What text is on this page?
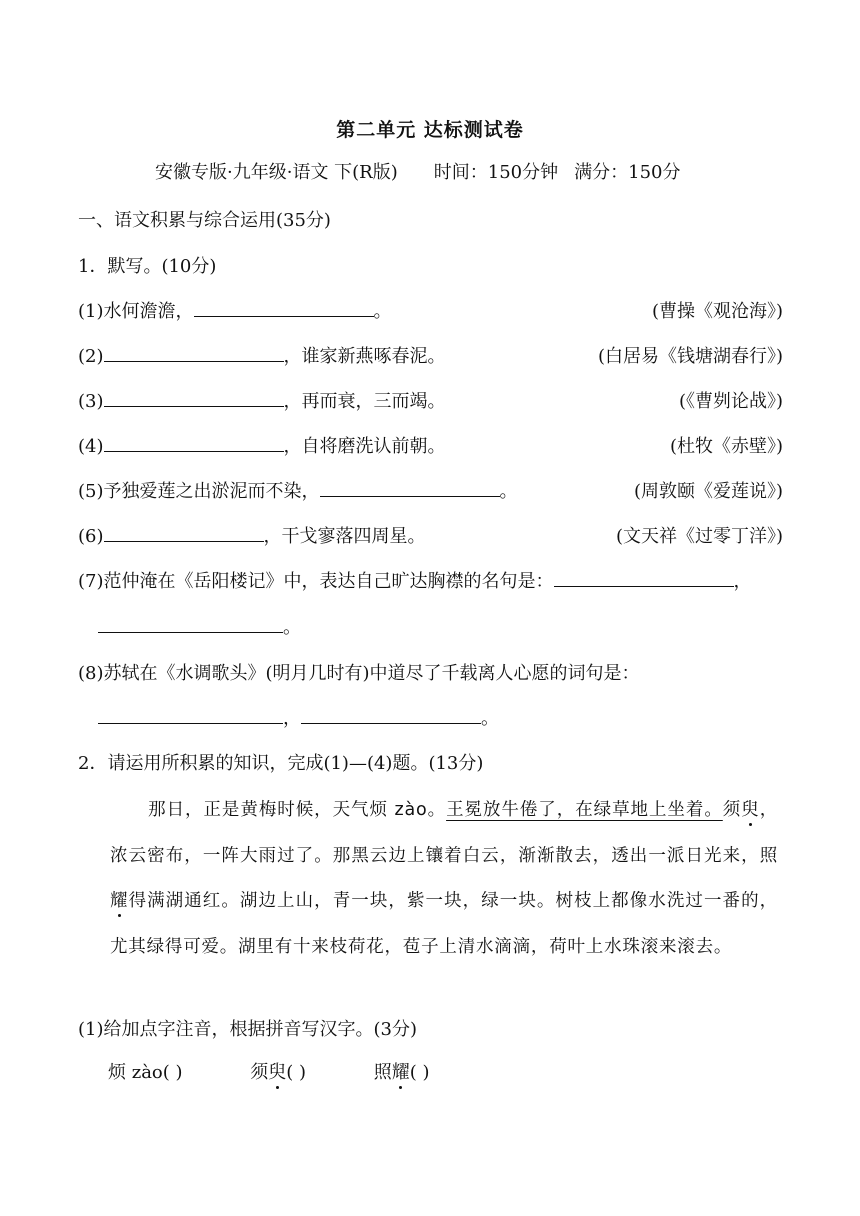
第二单元 达标测试卷
安徽专版·九年级·语文 下(R版) 时间：150分钟 满分：150分
一、语文积累与综合运用(35分)
1．默写。(10分)
(1)水何澹澹，	。	(曹操《观沧海》)
(2)	，谁家新燕啄春泥。	(白居易《钱塘湖春行》)
(3)	，再而衰，三而竭。	(《曹刿论战》)
(4)	，自将磨洗认前朝。	(杜牧《赤壁》)
(5)予独爱莲之出淤泥而不染，	。	(周敦颐《爱莲说》)
(6)	，干戈寥落四周星。	(文天祥《过零丁洋》)
(7)范仲淹在《岳阳楼记》中，表达自己旷达胸襟的名句是：	，
。
(8)苏轼在《水调歌头》(明月几时有)中道尽了千载离人心愿的词句是：
，	。
2．请运用所积累的知识，完成(1)—(4)题。(13分)
那日，正是黄梅时候，天气烦 zào。王冕放牛倦了，在绿草地上坐着。须臾，浓云密布，一阵大雨过了。那黑云边上镶着白云，渐渐散去，透出一派日光来，照耀得满湖通红。湖边上山，青一块，紫一块，绿一块。树枝上都像水洗过一番的，尤其绿得可爱。湖里有十来枝荷花，苞子上清水滴滴，荷叶上水珠滚来滚去。
(1)给加点字注音，根据拼音写汉字。(3分)
烦 zào( )	须臾( )	照耀( )
